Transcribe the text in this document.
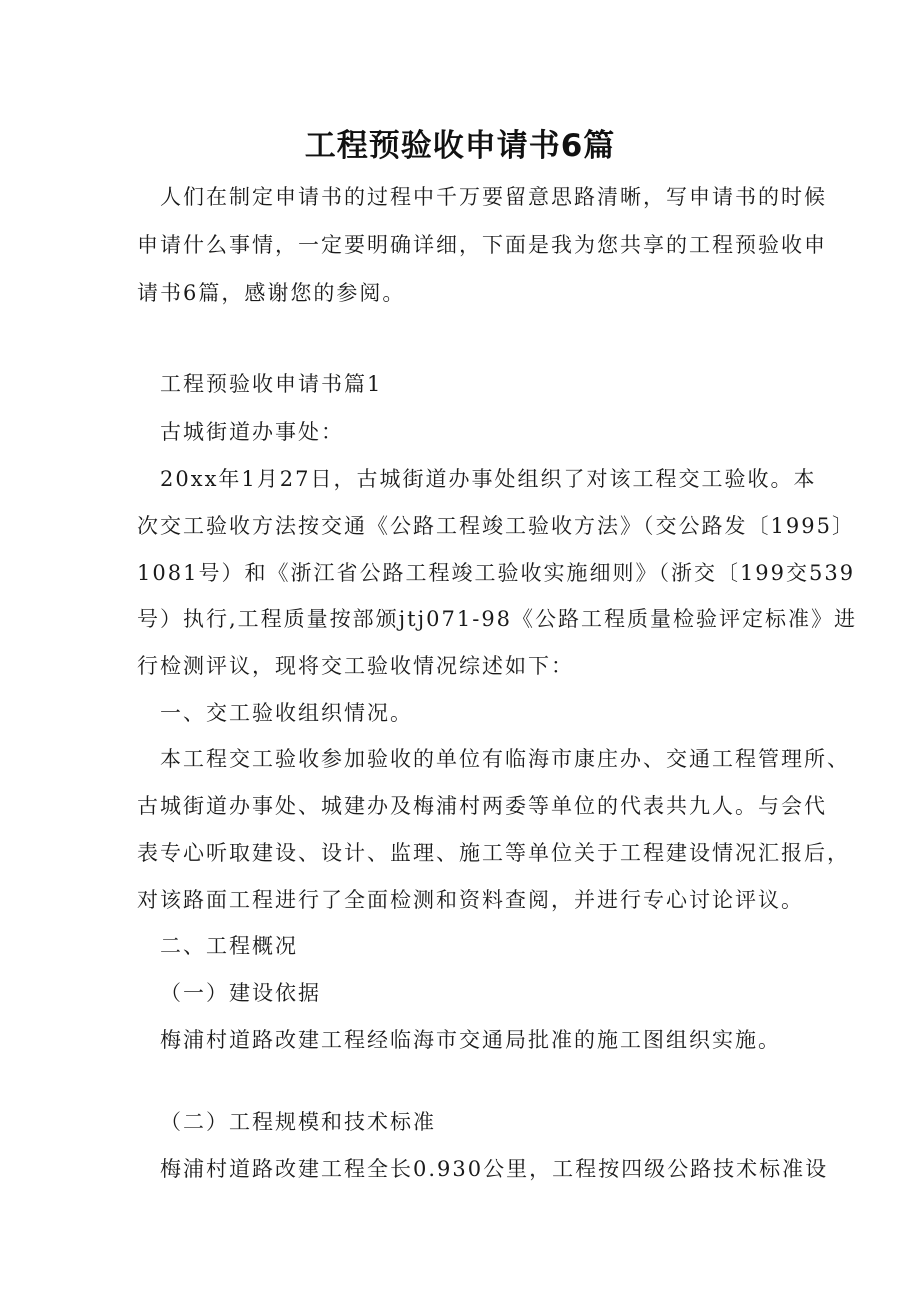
工程预验收申请书6篇

人们在制定申请书的过程中千万要留意思路清晰，写申请书的时候

申请什么事情，一定要明确详细，下面是我为您共享的工程预验收申

请书6篇，感谢您的参阅。

工程预验收申请书篇1

古城街道办事处：

20xx年1月27日，古城街道办事处组织了对该工程交工验收。本

次交工验收方法按交通《公路工程竣工验收方法》（交公路发〔1995〕

1081号）和《浙江省公路工程竣工验收实施细则》（浙交〔199交539

号）执行,工程质量按部颁jtj071-98《公路工程质量检验评定标准》进

行检测评议，现将交工验收情况综述如下：

一、交工验收组织情况。

本工程交工验收参加验收的单位有临海市康庄办、交通工程管理所、

古城街道办事处、城建办及梅浦村两委等单位的代表共九人。与会代

表专心听取建设、设计、监理、施工等单位关于工程建设情况汇报后，

对该路面工程进行了全面检测和资料查阅，并进行专心讨论评议。

二、工程概况

（一）建设依据

梅浦村道路改建工程经临海市交通局批准的施工图组织实施。

（二）工程规模和技术标准

梅浦村道路改建工程全长0.930公里，工程按四级公路技术标准设
